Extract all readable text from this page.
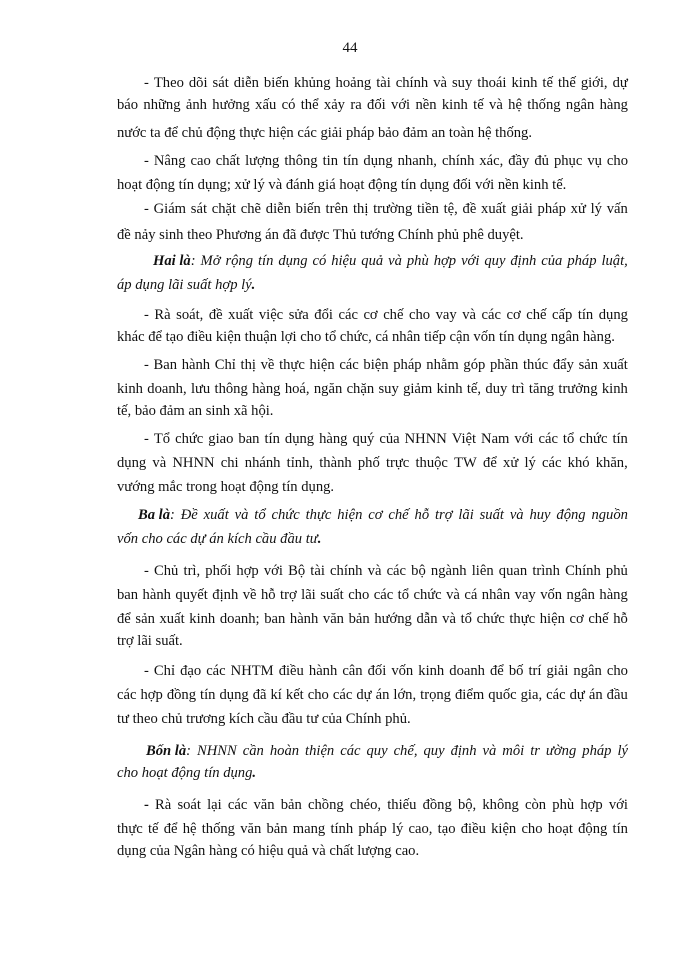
44
- Theo dõi sát diễn biến khủng hoảng tài chính và suy thoái kinh tế thế giới, dự
báo những ảnh hưởng xấu có thể xảy ra đối với nền kinh tế và hệ thống ngân hàng
nước ta để chủ động thực hiện các giải pháp bảo đảm an toàn hệ thống.
- Nâng cao chất lượng thông tin tín dụng nhanh, chính xác, đầy đủ phục vụ cho
hoạt động tín dụng; xử lý và đánh giá hoạt động tín dụng đối với nền kinh tế.
- Giám sát chặt chẽ diễn biến trên thị trường tiền tệ, đề xuất giải pháp xử lý vấn
đề nảy sinh theo Phương án đã được Thủ tướng Chính phủ phê duyệt.
Hai là: Mở rộng tín dụng có hiệu quả và phù hợp với quy định của pháp luật,
áp dụng lãi suất hợp lý.
- Rà soát, đề xuất việc sửa đổi các cơ chế cho vay và các cơ chế cấp tín dụng
khác để tạo điều kiện thuận lợi cho tổ chức, cá nhân tiếp cận vốn tín dụng ngân hàng.
- Ban hành Chỉ thị về thực hiện các biện pháp nhằm góp phần thúc đẩy sản xuất
kinh doanh, lưu thông hàng hoá, ngăn chặn suy giảm kinh tế, duy trì tăng trưởng kinh
tế, bảo đảm an sinh xã hội.
- Tổ chức giao ban tín dụng hàng quý của NHNN Việt Nam với các tổ chức tín
dụng và NHNN chi nhánh tỉnh, thành phố trực thuộc TW để xử lý các khó khăn,
vướng mắc trong hoạt động tín dụng.
Ba là: Đề xuất và tổ chức thực hiện cơ chế hỗ trợ lãi suất và huy động nguồn
vốn cho các dự án kích cầu đầu tư.
- Chủ trì, phối hợp với Bộ tài chính và các bộ ngành liên quan trình Chính phủ
ban hành quyết định về hỗ trợ lãi suất cho các tổ chức và cá nhân vay vốn ngân hàng
để sản xuất kinh doanh; ban hành văn bản hướng dẫn và tổ chức thực hiện cơ chế hỗ
trợ lãi suất.
- Chỉ đạo các NHTM điều hành cân đối vốn kinh doanh để bố trí giải ngân cho
các hợp đồng tín dụng đã kí kết cho các dự án lớn, trọng điểm quốc gia, các dự án đầu
tư theo chủ trương kích cầu đầu tư của Chính phủ.
Bốn là: NHNN cần hoàn thiện các quy chế, quy định và môi tr ường pháp lý
cho hoạt động tín dụng.
- Rà soát lại các văn bản chồng chéo, thiếu đồng bộ, không còn phù hợp với
thực tế để hệ thống văn bản mang tính pháp lý cao, tạo điều kiện cho hoạt động tín
dụng của Ngân hàng có hiệu quả và chất lượng cao.
